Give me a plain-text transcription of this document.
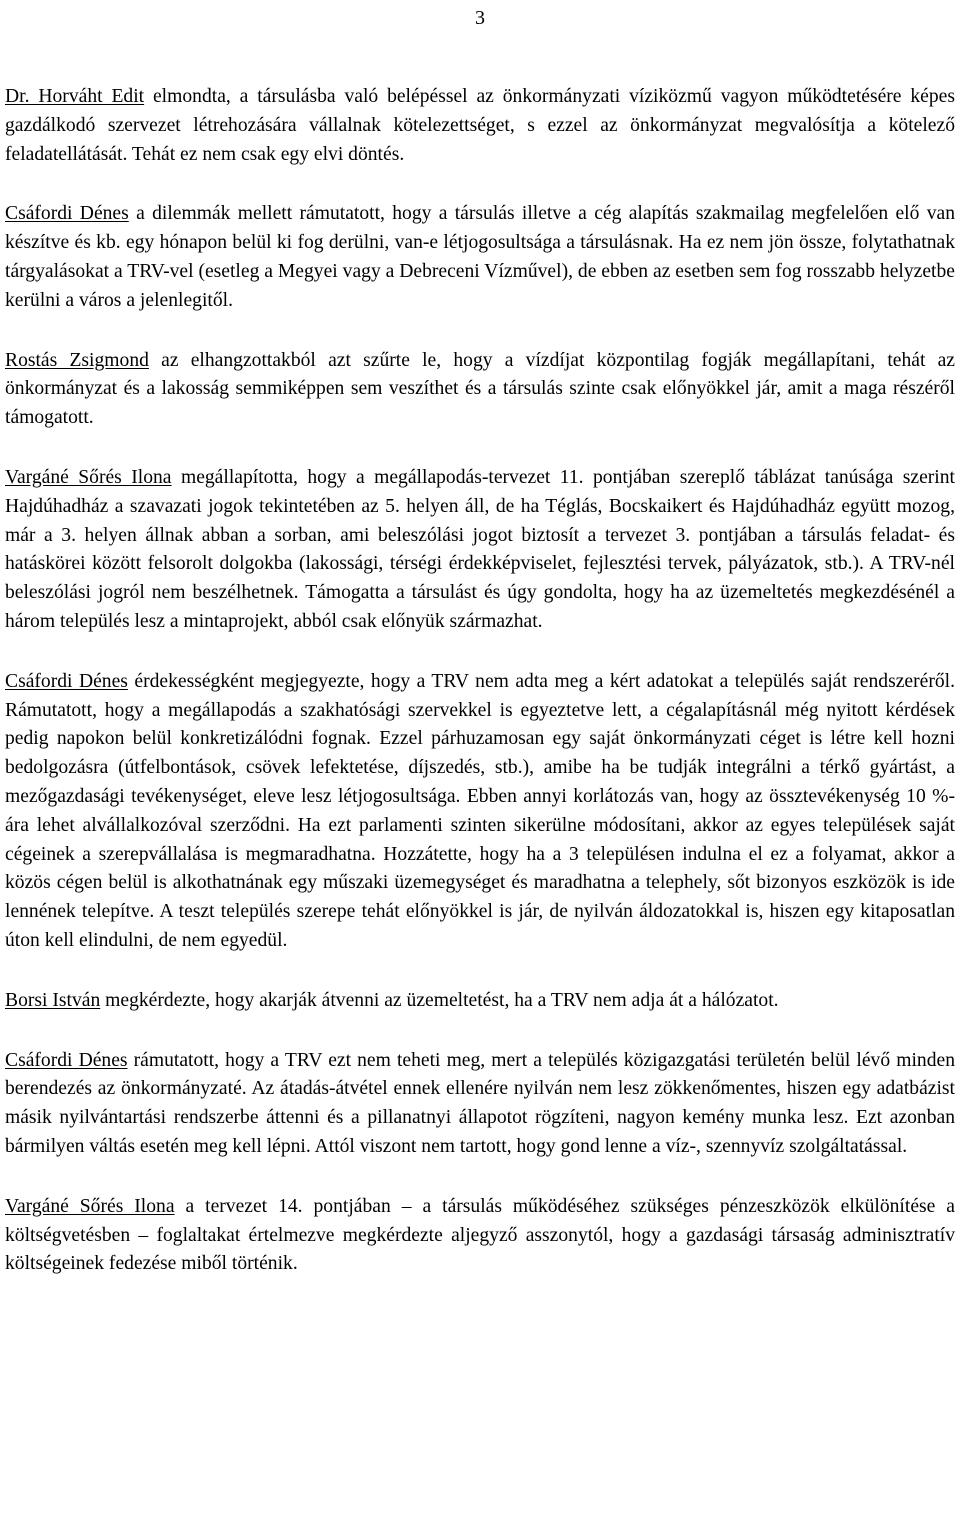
3

Dr. Horváht Edit elmondta, a társulásba való belépéssel az önkormányzati víziközmű vagyon működtetésére képes gazdálkodó szervezet létrehozására vállalnak kötelezettséget, s ezzel az önkormányzat megvalósítja a kötelező feladatellátását. Tehát ez nem csak egy elvi döntés.

Csáfordi Dénes a dilemmák mellett rámutatott, hogy a társulás illetve a cég alapítás szakmailag megfelelően elő van készítve és kb. egy hónapon belül ki fog derülni, van-e létjogosultsága a társulásnak. Ha ez nem jön össze, folytathatnak tárgyalásokat a TRV-vel (esetleg a Megyei vagy a Debreceni Vízművel), de ebben az esetben sem fog rosszabb helyzetbe kerülni a város a jelenlegitől.

Rostás Zsigmond az elhangzottakból azt szűrte le, hogy a vízdíjat központilag fogják megállapítani, tehát az önkormányzat és a lakosság semmiképpen sem veszíthet és a társulás szinte csak előnyökkel jár, amit a maga részéről támogatott.

Vargáné Sőrés Ilona megállapította, hogy a megállapodás-tervezet 11. pontjában szereplő táblázat tanúsága szerint Hajdúhadház a szavazati jogok tekintetében az 5. helyen áll, de ha Téglás, Bocskaikert és Hajdúhadház együtt mozog, már a 3. helyen állnak abban a sorban, ami beleszólási jogot biztosít a tervezet 3. pontjában a társulás feladat- és hatáskörei között felsorolt dolgokba (lakossági, térségi érdekképviselet, fejlesztési tervek, pályázatok, stb.). A TRV-nél beleszólási jogról nem beszélhetnek. Támogatta a társulást és úgy gondolta, hogy ha az üzemeltetés megkezdésénél a három település lesz a mintaprojekt, abból csak előnyük származhat.

Csáfordi Dénes érdekességként megjegyezte, hogy a TRV nem adta meg a kért adatokat a település saját rendszeréről. Rámutatott, hogy a megállapodás a szakhatósági szervekkel is egyeztetve lett, a cégalapításnál még nyitott kérdések pedig napokon belül konkretizálódni fognak. Ezzel párhuzamosan egy saját önkormányzati céget is létre kell hozni bedolgozásra (útfelbontások, csövek lefektetése, díjszedés, stb.), amibe ha be tudják integrálni a térkő gyártást, a mezőgazdasági tevékenységet, eleve lesz létjogosultsága. Ebben annyi korlátozás van, hogy az össztevékenység 10 %-ára lehet alvállalkozóval szerződni. Ha ezt parlamenti szinten sikerülne módosítani, akkor az egyes települések saját cégeinek a szerepvállalása is megmaradhatna. Hozzátette, hogy ha a 3 településen indulna el ez a folyamat, akkor a közös cégen belül is alkothatnának egy műszaki üzemegységet és maradhatna a telephely, sőt bizonyos eszközök is ide lennének telepítve. A teszt település szerepe tehát előnyökkel is jár, de nyilván áldozatokkal is, hiszen egy kitaposatlan úton kell elindulni, de nem egyedül.

Borsi István megkérdezte, hogy akarják átvenni az üzemeltetést, ha a TRV nem adja át a hálózatot.

Csáfordi Dénes rámutatott, hogy a TRV ezt nem teheti meg, mert a település közigazgatási területén belül lévő minden berendezés az önkormányzaté. Az átadás-átvétel ennek ellenére nyilván nem lesz zökkenőmentes, hiszen egy adatbázist másik nyilvántartási rendszerbe áttenni és a pillanatnyi állapotot rögzíteni, nagyon kemény munka lesz. Ezt azonban bármilyen váltás esetén meg kell lépni. Attól viszont nem tartott, hogy gond lenne a víz-, szennyvíz szolgáltatással.

Vargáné Sőrés Ilona a tervezet 14. pontjában – a társulás működéséhez szükséges pénzeszközök elkülönítése a költségvetésben – foglaltakat értelmezve megkérdezte aljegyző asszonytól, hogy a gazdasági társaság adminisztratív költségeinek fedezése miből történik.
